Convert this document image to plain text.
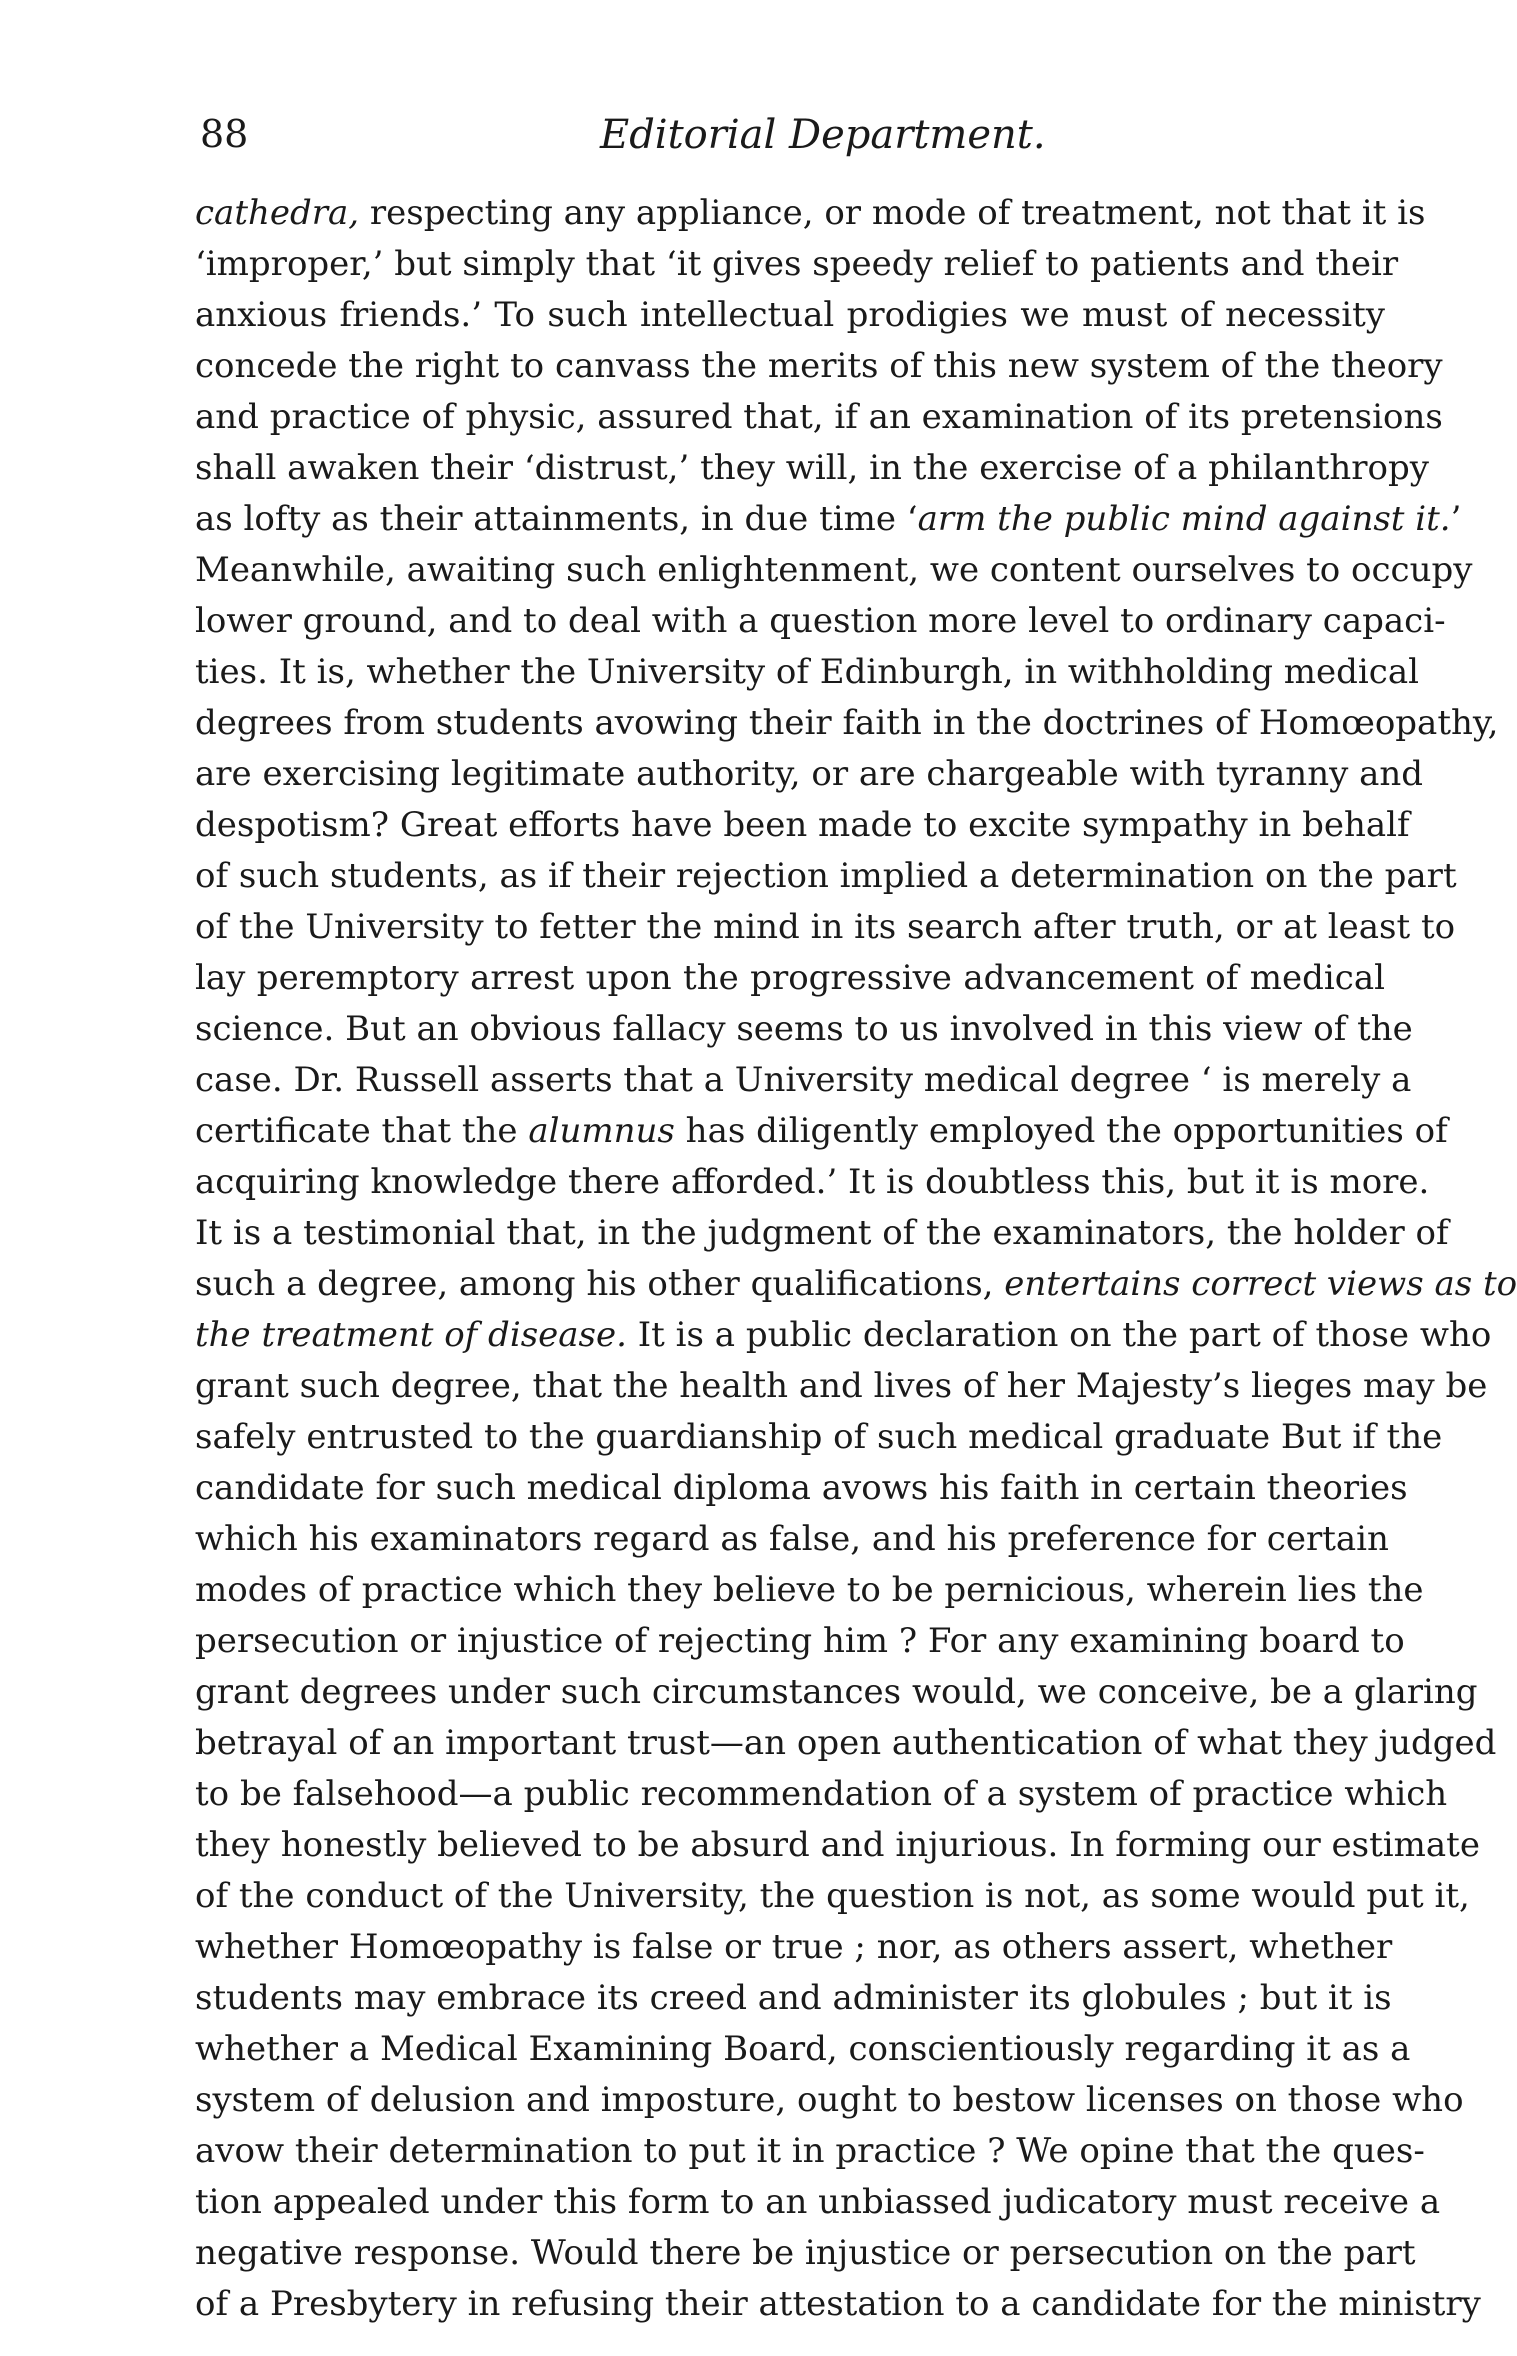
88	Editorial Department.
cathedra, respecting any appliance, or mode of treatment, not that it is
‘improper,’ but simply that ‘it gives speedy relief to patients and their
anxious friends.’ To such intellectual prodigies we must of necessity
concede the right to canvass the merits of this new system of the theory
and practice of physic, assured that, if an examination of its pretensions
shall awaken their ‘distrust,’ they will, in the exercise of a philanthropy
as lofty as their attainments, in due time ‘arm the public mind against it.’
Meanwhile, awaiting such enlightenment, we content ourselves to occupy
lower ground, and to deal with a question more level to ordinary capaci-
ties. It is, whether the University of Edinburgh, in withholding medical
degrees from students avowing their faith in the doctrines of Homœopathy,
are exercising legitimate authority, or are chargeable with tyranny and
despotism? Great efforts have been made to excite sympathy in behalf
of such students, as if their rejection implied a determination on the part
of the University to fetter the mind in its search after truth, or at least to
lay peremptory arrest upon the progressive advancement of medical
science. But an obvious fallacy seems to us involved in this view of the
case. Dr. Russell asserts that a University medical degree ‘ is merely a
certificate that the alumnus has diligently employed the opportunities of
acquiring knowledge there afforded.’ It is doubtless this, but it is more.
It is a testimonial that, in the judgment of the examinators, the holder of
such a degree, among his other qualifications, entertains correct views as to
the treatment of disease. It is a public declaration on the part of those who
grant such degree, that the health and lives of her Majesty’s lieges may be
safely entrusted to the guardianship of such medical graduate But if the
candidate for such medical diploma avows his faith in certain theories
which his examinators regard as false, and his preference for certain
modes of practice which they believe to be pernicious, wherein lies the
persecution or injustice of rejecting him ? For any examining board to
grant degrees under such circumstances would, we conceive, be a glaring
betrayal of an important trust—an open authentication of what they judged
to be falsehood—a public recommendation of a system of practice which
they honestly believed to be absurd and injurious. In forming our estimate
of the conduct of the University, the question is not, as some would put it,
whether Homœopathy is false or true ; nor, as others assert, whether
students may embrace its creed and administer its globules ; but it is
whether a Medical Examining Board, conscientiously regarding it as a
system of delusion and imposture, ought to bestow licenses on those who
avow their determination to put it in practice ? We opine that the ques-
tion appealed under this form to an unbiassed judicatory must receive a
negative response. Would there be injustice or persecution on the part
of a Presbytery in refusing their attestation to a candidate for the ministry
